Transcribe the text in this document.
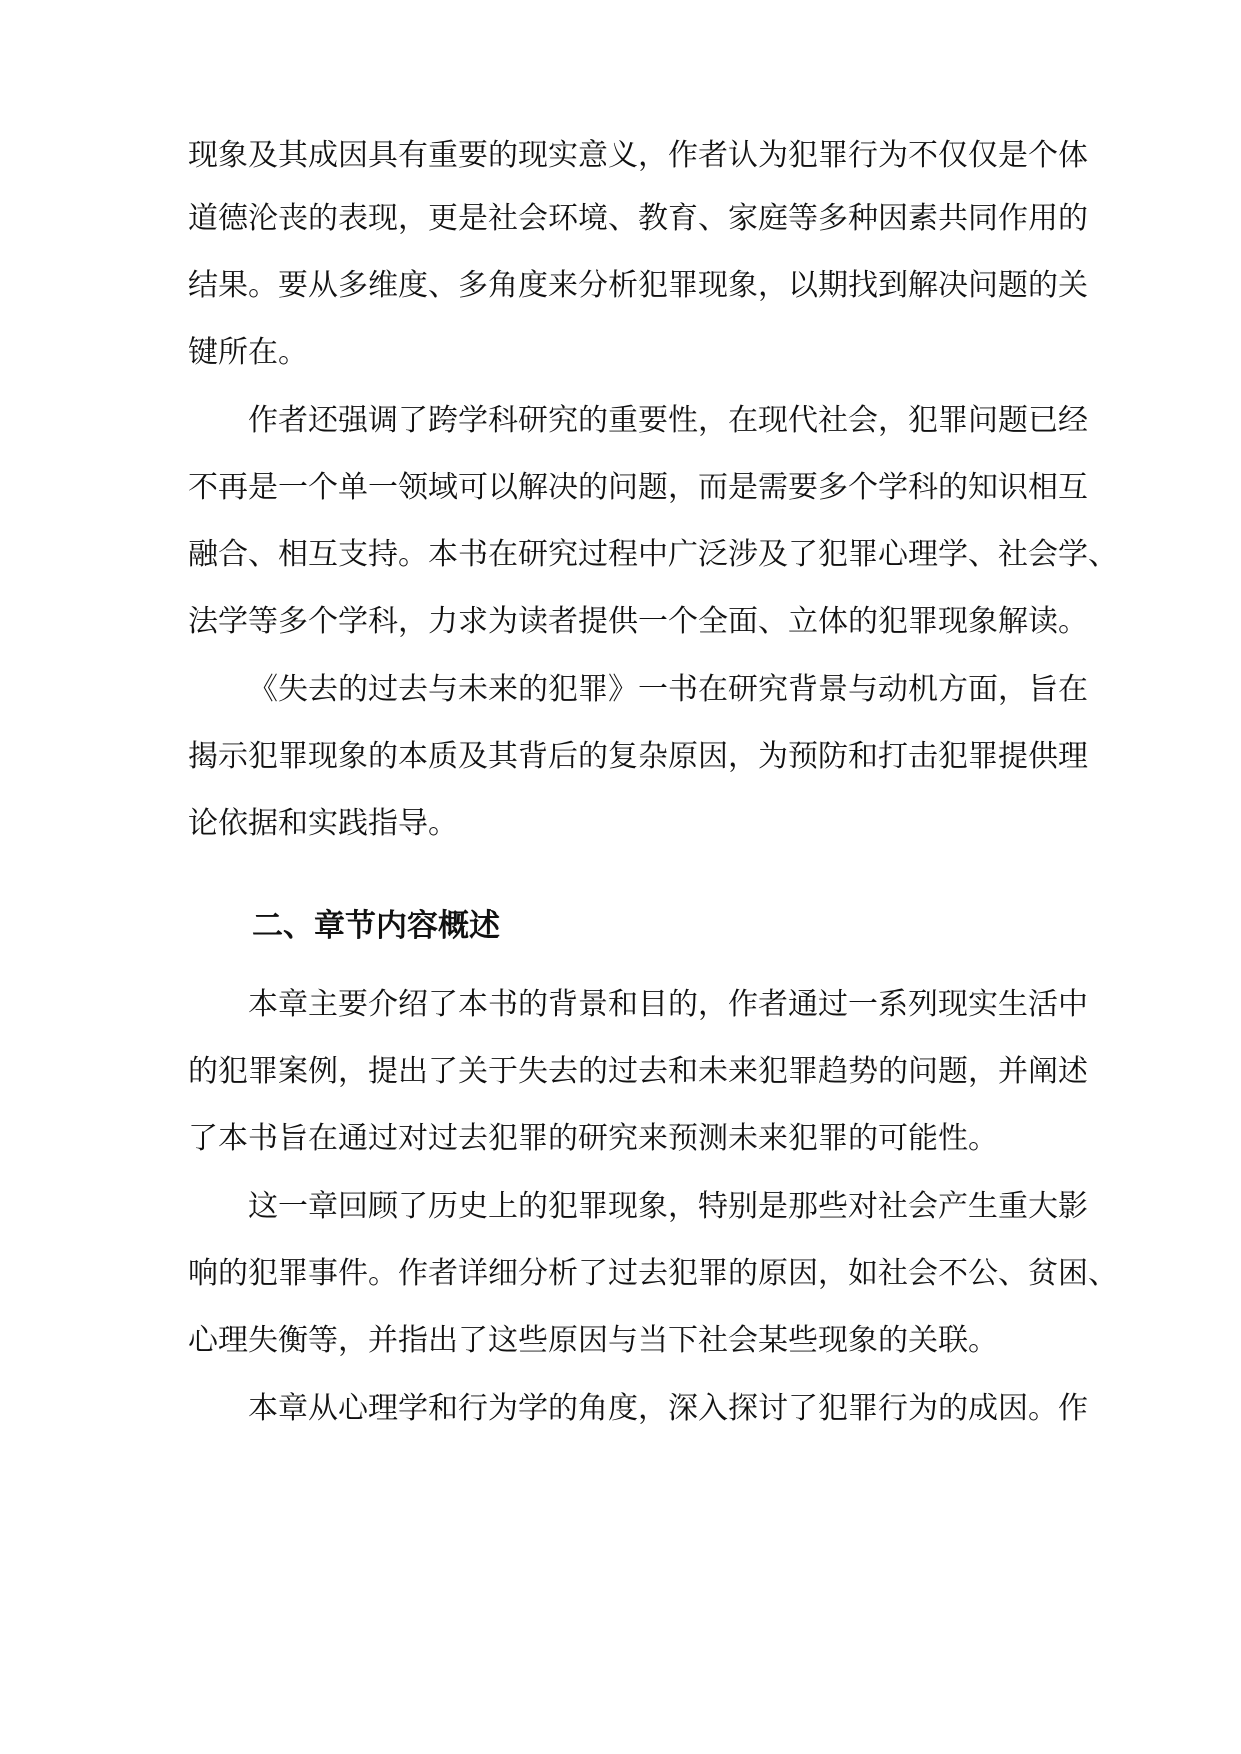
现象及其成因具有重要的现实意义，作者认为犯罪行为不仅仅是个体
道德沦丧的表现，更是社会环境、教育、家庭等多种因素共同作用的
结果。要从多维度、多角度来分析犯罪现象，以期找到解决问题的关
键所在。
作者还强调了跨学科研究的重要性，在现代社会，犯罪问题已经
不再是一个单一领域可以解决的问题，而是需要多个学科的知识相互
融合、相互支持。本书在研究过程中广泛涉及了犯罪心理学、社会学、
法学等多个学科，力求为读者提供一个全面、立体的犯罪现象解读。
《失去的过去与未来的犯罪》一书在研究背景与动机方面，旨在
揭示犯罪现象的本质及其背后的复杂原因，为预防和打击犯罪提供理
论依据和实践指导。
二、章节内容概述
本章主要介绍了本书的背景和目的，作者通过一系列现实生活中
的犯罪案例，提出了关于失去的过去和未来犯罪趋势的问题，并阐述
了本书旨在通过对过去犯罪的研究来预测未来犯罪的可能性。
这一章回顾了历史上的犯罪现象，特别是那些对社会产生重大影
响的犯罪事件。作者详细分析了过去犯罪的原因，如社会不公、贫困、
心理失衡等，并指出了这些原因与当下社会某些现象的关联。
本章从心理学和行为学的角度，深入探讨了犯罪行为的成因。作
